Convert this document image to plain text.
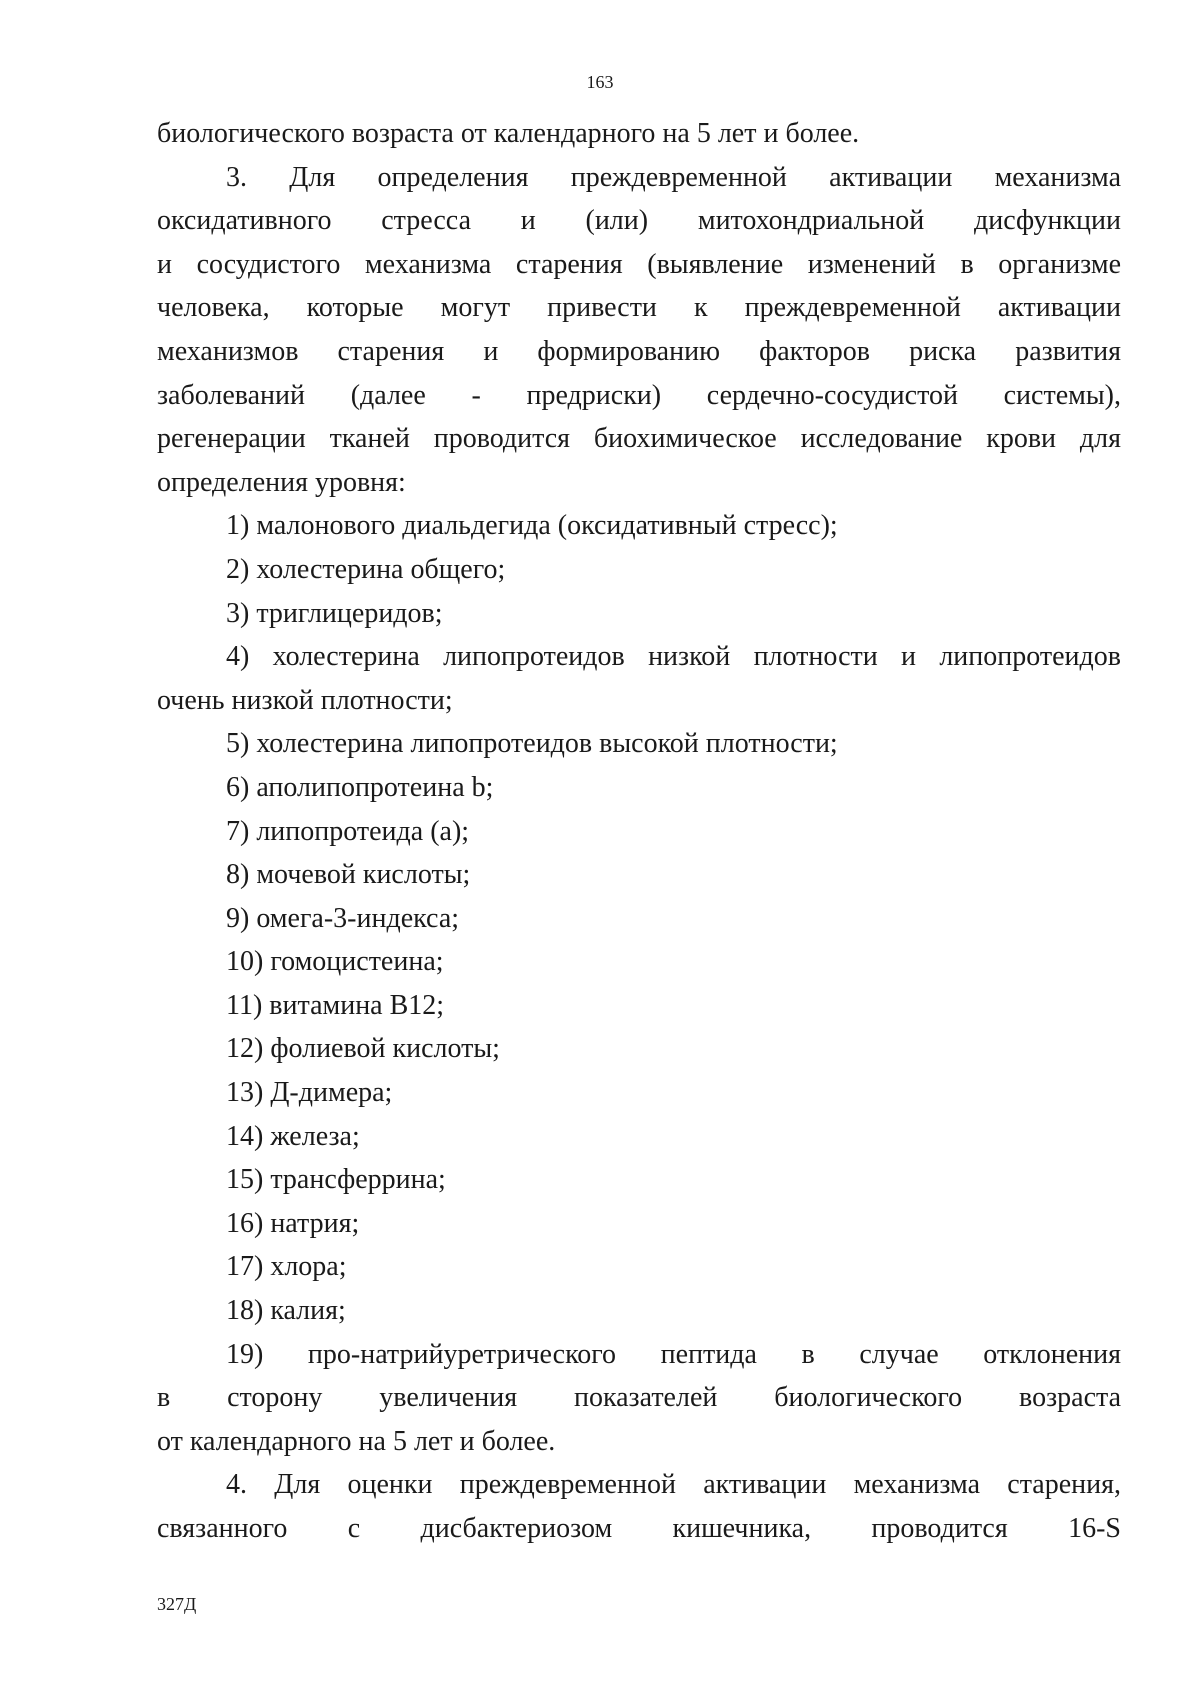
163
биологического возраста от календарного на 5 лет и более.
3. Для определения преждевременной активации механизма
оксидативного стресса и (или) митохондриальной дисфункции
и сосудистого механизма старения (выявление изменений в организме
человека, которые могут привести к преждевременной активации
механизмов старения и формированию факторов риска развития
заболеваний (далее - предриски) сердечно-сосудистой системы),
регенерации тканей проводится биохимическое исследование крови для
определения уровня:
1) малонового диальдегида (оксидативный стресс);
2) холестерина общего;
3) триглицеридов;
4) холестерина липопротеидов низкой плотности и липопротеидов
очень низкой плотности;
5) холестерина липопротеидов высокой плотности;
6) аполипопротеина b;
7) липопротеида (а);
8) мочевой кислоты;
9) омега-3-индекса;
10) гомоцистеина;
11) витамина В12;
12) фолиевой кислоты;
13) Д-димера;
14) железа;
15) трансферрина;
16) натрия;
17) хлора;
18) калия;
19) про-натрийуретрического пептида в случае отклонения
в сторону увеличения показателей биологического возраста
от календарного на 5 лет и более.
4. Для оценки преждевременной активации механизма старения,
связанного с дисбактериозом кишечника, проводится 16-S
327Д
